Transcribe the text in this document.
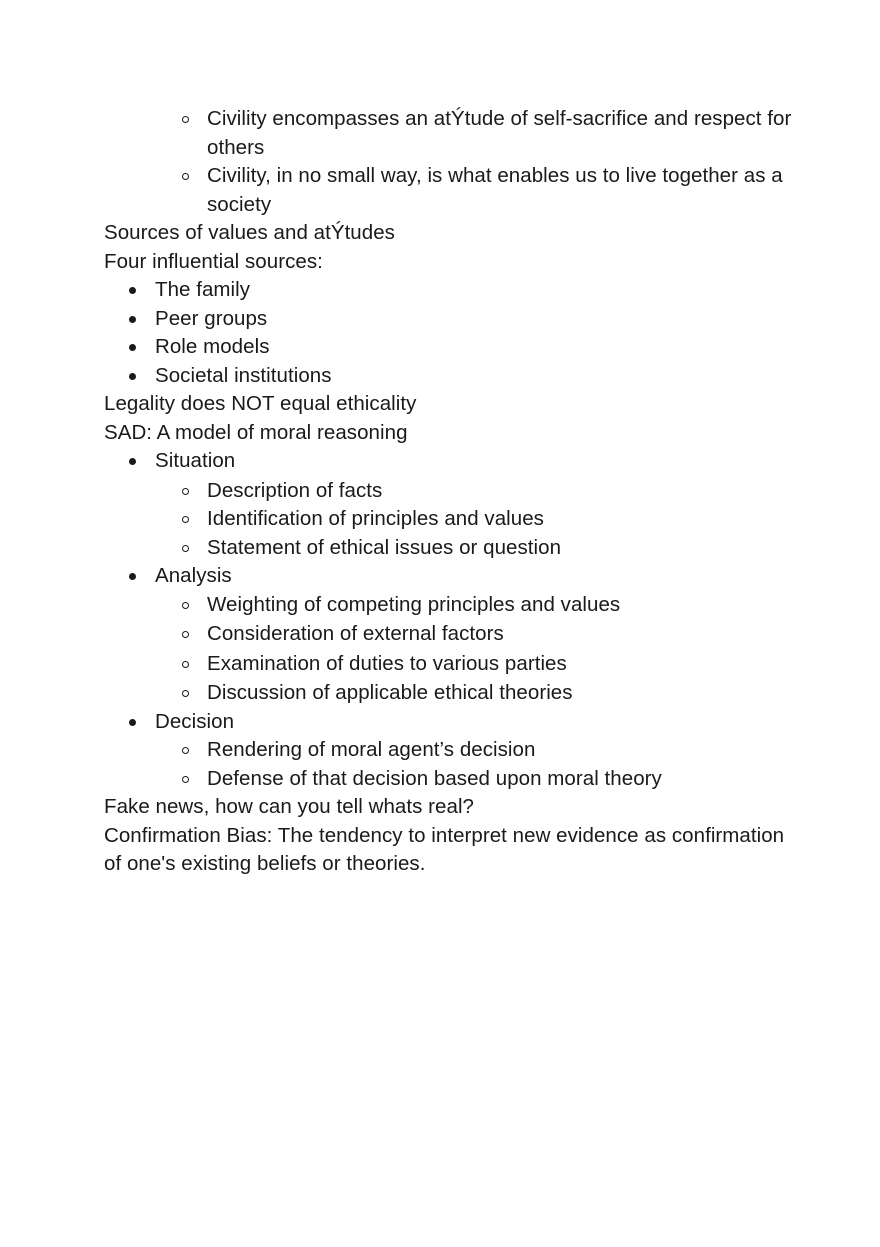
Civility encompasses an atÝtude of self-sacrifice and respect for others
Civility, in no small way, is what enables us to live together as a society

Sources of values and atÝtudes

Four influential sources:

The family
Peer groups
Role models
Societal institutions

Legality does NOT equal ethicality

SAD: A model of moral reasoning

Situation
Description of facts
Identification of principles and values
Statement of ethical issues or question
Analysis
Weighting of competing principles and values
Consideration of external factors
Examination of duties to various parties
Discussion of applicable ethical theories
Decision
Rendering of moral agent’s decision
Defense of that decision based upon moral theory

Fake news, how can you tell whats real?

Confirmation Bias: The tendency to interpret new evidence as confirmation of one's existing beliefs or theories.
